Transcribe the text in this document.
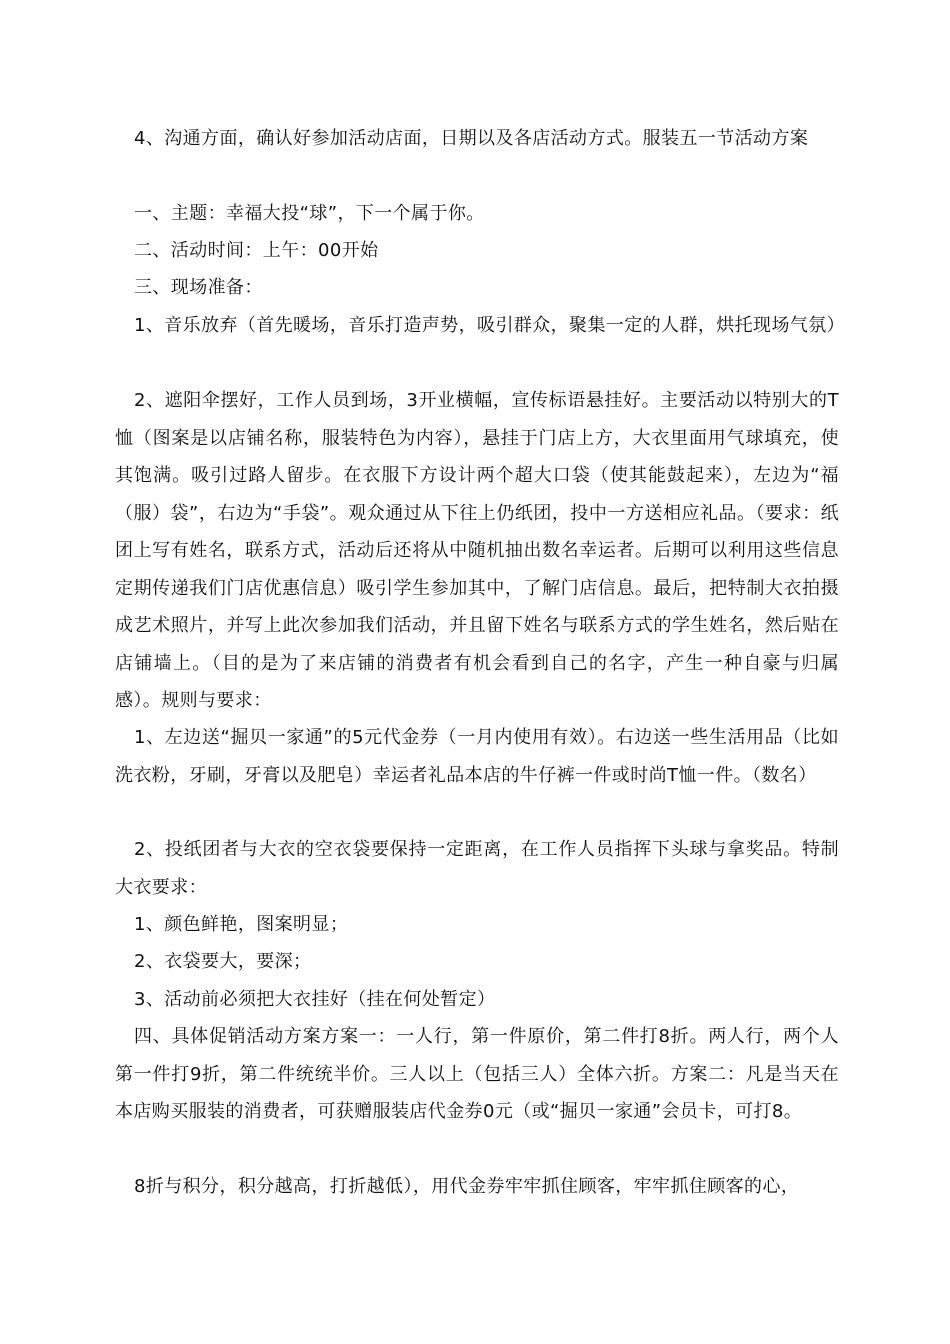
4、沟通方面，确认好参加活动店面，日期以及各店活动方式。服装五一节活动方案

一、主题：幸福大投“球”，下一个属于你。

二、活动时间：上午：00开始

三、现场准备：

1、音乐放弃（首先暖场，音乐打造声势，吸引群众，聚集一定的人群，烘托现场气氛）

2、遮阳伞摆好，工作人员到场，3开业横幅，宣传标语悬挂好。主要活动以特别大的T恤（图案是以店铺名称，服装特色为内容），悬挂于门店上方，大衣里面用气球填充，使其饱满。吸引过路人留步。在衣服下方设计两个超大口袋（使其能鼓起来），左边为“福（服）袋”，右边为“手袋”。观众通过从下往上仍纸团，投中一方送相应礼品。（要求：纸团上写有姓名，联系方式，活动后还将从中随机抽出数名幸运者。后期可以利用这些信息定期传递我们门店优惠信息）吸引学生参加其中，了解门店信息。最后，把特制大衣拍摄成艺术照片，并写上此次参加我们活动，并且留下姓名与联系方式的学生姓名，然后贴在店铺墙上。（目的是为了来店铺的消费者有机会看到自己的名字，产生一种自豪与归属感）。规则与要求：

1、左边送“掘贝一家通”的5元代金券（一月内使用有效）。右边送一些生活用品（比如洗衣粉，牙刷，牙膏以及肥皂）幸运者礼品本店的牛仔裤一件或时尚T恤一件。（数名）

2、投纸团者与大衣的空衣袋要保持一定距离，在工作人员指挥下头球与拿奖品。特制大衣要求：

1、颜色鲜艳，图案明显；

2、衣袋要大，要深；

3、活动前必须把大衣挂好（挂在何处暂定）

四、具体促销活动方案方案一：一人行，第一件原价，第二件打8折。两人行，两个人第一件打9折，第二件统统半价。三人以上（包括三人）全体六折。方案二：凡是当天在本店购买服装的消费者，可获赠服装店代金券0元（或“掘贝一家通”会员卡，可打8。

8折与积分，积分越高，打折越低），用代金券牢牢抓住顾客，牢牢抓住顾客的心，
